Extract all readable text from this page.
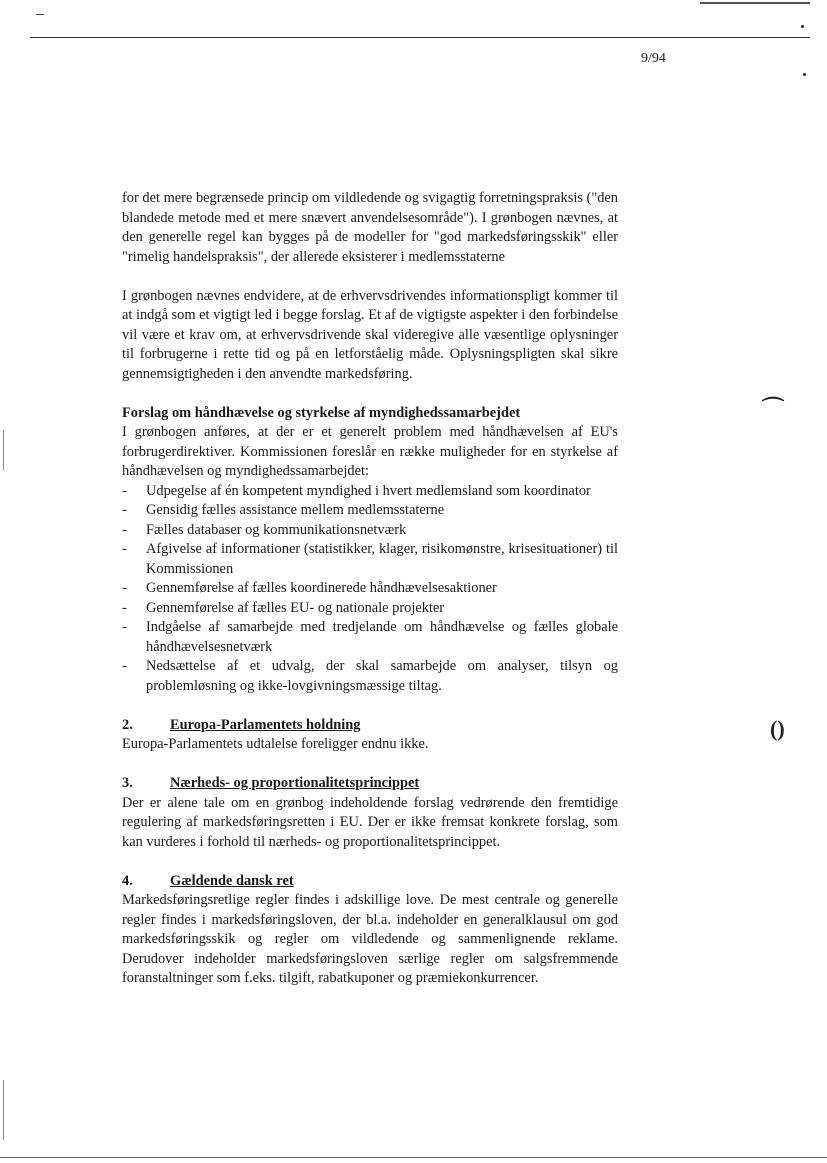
⌒
()
9/94

for det mere begrænsede princip om vildledende og svigagtig forretningspraksis ("den blandede metode med et mere snævert anvendelsesområde"). I grønbogen nævnes, at den generelle regel kan bygges på de modeller for "god markedsføringsskik" eller "rimelig handelspraksis", der allerede eksisterer i medlemsstaterne

I grønbogen nævnes endvidere, at de erhvervsdrivendes informationspligt kommer til at indgå som et vigtigt led i begge forslag. Et af de vigtigste aspekter i den forbindelse vil være et krav om, at erhvervsdrivende skal videregive alle væsentlige oplysninger til forbrugerne i rette tid og på en letforståelig måde. Oplysningspligten skal sikre gennemsigtigheden i den anvendte markedsføring.

Forslag om håndhævelse og styrkelse af myndighedssamarbejdet

I grønbogen anføres, at der er et generelt problem med håndhævelsen af EU's forbrugerdirektiver. Kommissionen foreslår en række muligheder for en styrkelse af håndhævelsen og myndighedssamarbejdet:

- Udpegelse af én kompetent myndighed i hvert medlemsland som koordinator
- Gensidig fælles assistance mellem medlemsstaterne
- Fælles databaser og kommunikationsnetværk
- Afgivelse af informationer (statistikker, klager, risikomønstre, krisesituationer) til Kommissionen
- Gennemførelse af fælles koordinerede håndhævelsesaktioner
- Gennemførelse af fælles EU- og nationale projekter
- Indgåelse af samarbejde med tredjelande om håndhævelse og fælles globale håndhævelsesnetværk
- Nedsættelse af et udvalg, der skal samarbejde om analyser, tilsyn og problemløsning og ikke-lovgivningsmæssige tiltag.
2.	Europa-Parlamentets holdning

Europa-Parlamentets udtalelse foreligger endnu ikke.

3.	Nærheds- og proportionalitetsprincippet

Der er alene tale om en grønbog indeholdende forslag vedrørende den fremtidige regulering af markedsføringsretten i EU. Der er ikke fremsat konkrete forslag, som kan vurderes i forhold til nærheds- og proportionalitetsprincippet.

4.	Gældende dansk ret

Markedsføringsretlige regler findes i adskillige love. De mest centrale og generelle regler findes i markedsføringsloven, der bl.a. indeholder en generalklausul om god markedsføringsskik og regler om vildledende og sammenlignende reklame. Derudover indeholder markedsføringsloven særlige regler om salgsfremmende foranstaltninger som f.eks. tilgift, rabatkuponer og præmiekonkurrencer.
